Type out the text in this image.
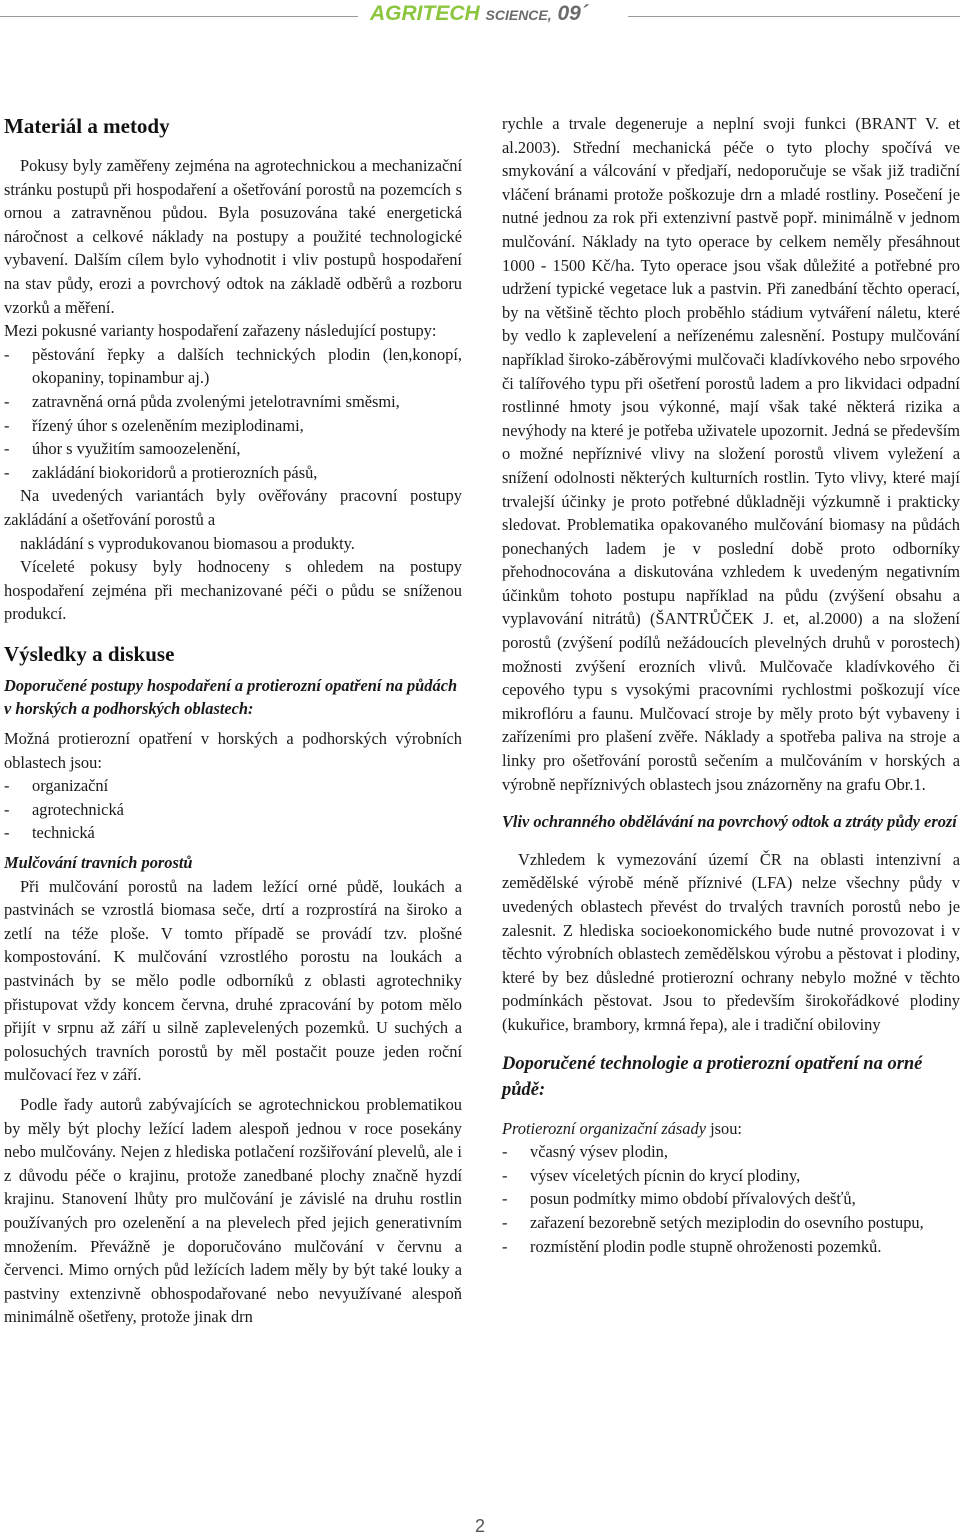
AGRITECH SCIENCE, 09´
Materiál a metody

Pokusy byly zaměřeny zejména na agrotechnickou a mechanizační stránku postupů při hospodaření a ošetřování porostů na pozemcích s ornou a zatravněnou půdou. Byla posuzována také energetická náročnost a celkové náklady na postupy a použité technologické vybavení. Dalším cílem bylo vyhodnotit i vliv postupů hospodaření na stav půdy, erozi a povrchový odtok na základě odběrů a rozboru vzorků a měření.

Mezi pokusné varianty hospodaření zařazeny následující postupy:

- pěstování řepky a dalších technických plodin (len,konopí, okopaniny, topinambur aj.)
- zatravněná orná půda zvolenými jetelotravními směsmi,
- řízený úhor s ozeleněním meziplodinami,
- úhor s využitím samoozelenění,
- zakládání biokoridorů a protierozních pásů,

Na uvedených variantách byly ověřovány pracovní postupy zakládání a ošetřování porostů a

nakládání s vyprodukovanou biomasou a produkty.

Víceleté pokusy byly hodnoceny s ohledem na postupy hospodaření zejména při mechanizované péči o půdu se sníženou produkcí.

Výsledky a diskuse
Doporučené postupy hospodaření a protierozní opatření na půdách v horských a podhorských oblastech:

Možná protierozní opatření v horských a podhorských výrobních oblastech jsou:

- organizační
- agrotechnická
- technická
Mulčování travních porostů

Při mulčování porostů na ladem ležící orné půdě, loukách a pastvinách se vzrostlá biomasa seče, drtí a rozprostírá na široko a zetlí na téže ploše. V tomto případě se provádí tzv. plošné kompostování. K mulčování vzrostlého porostu na loukách a pastvinách by se mělo podle odborníků z oblasti agrotechniky přistupovat vždy koncem června, druhé zpracování by potom mělo přijít v srpnu až září u silně zaplevelených pozemků. U suchých a polosuchých travních porostů by měl postačit pouze jeden roční mulčovací řez v září.

Podle řady autorů zabývajících se agrotechnickou problematikou by měly být plochy ležící ladem alespoň jednou v roce posekány nebo mulčovány. Nejen z hlediska potlačení rozšiřování plevelů, ale i z důvodu péče o krajinu, protože zanedbané plochy značně hyzdí krajinu. Stanovení lhůty pro mulčování je závislé na druhu rostlin používaných pro ozelenění a na plevelech před jejich generativním množením. Převážně je doporučováno mulčování v červnu a červenci. Mimo orných půd ležících ladem měly by být také louky a pastviny extenzivně obhospodařované nebo nevyužívané alespoň minimálně ošetřeny, protože jinak drn

rychle a trvale degeneruje a neplní svoji funkci (BRANT V. et al.2003). Střední mechanická péče o tyto plochy spočívá ve smykování a válcování v předjaří, nedoporučuje se však již tradiční vláčení bránami protože poškozuje drn a mladé rostliny. Posečení je nutné jednou za rok při extenzivní pastvě popř. minimálně v jednom mulčování. Náklady na tyto operace by celkem neměly přesáhnout 1000 - 1500 Kč/ha. Tyto operace jsou však důležité a potřebné pro udržení typické vegetace luk a pastvin. Při zanedbání těchto operací, by na většině těchto ploch proběhlo stádium vytváření náletu, které by vedlo k zaplevelení a neřízenému zalesnění. Postupy mulčování například široko-záběrovými mulčovači kladívkového nebo srpového či talířového typu při ošetření porostů ladem a pro likvidaci odpadní rostlinné hmoty jsou výkonné, mají však také některá rizika a nevýhody na které je potřeba uživatele upozornit. Jedná se především o možné nepříznivé vlivy na složení porostů vlivem vyležení a snížení odolnosti některých kulturních rostlin. Tyto vlivy, které mají trvalejší účinky je proto potřebné důkladněji výzkumně i prakticky sledovat. Problematika opakovaného mulčování biomasy na půdách ponechaných ladem je v poslední době proto odborníky přehodnocována a diskutována vzhledem k uvedeným negativním účinkům tohoto postupu například na půdu (zvýšení obsahu a vyplavování nitrátů) (ŠANTRŮČEK J. et, al.2000) a na složení porostů (zvýšení podílů nežádoucích plevelných druhů v porostech) možnosti zvýšení erozních vlivů. Mulčovače kladívkového či cepového typu s vysokými pracovními rychlostmi poškozují více mikroflóru a faunu. Mulčovací stroje by měly proto být vybaveny i zařízeními pro plašení zvěře. Náklady a spotřeba paliva na stroje a linky pro ošetřování porostů sečením a mulčováním v horských a výrobně nepříznivých oblastech jsou znázorněny na grafu Obr.1.

Vliv ochranného obdělávání na povrchový odtok a ztráty půdy erozí

Vzhledem k vymezování území ČR na oblasti intenzivní a zemědělské výrobě méně příznivé (LFA) nelze všechny půdy v uvedených oblastech převést do trvalých travních porostů nebo je zalesnit. Z hlediska socioekonomického bude nutné provozovat i v těchto výrobních oblastech zemědělskou výrobu a pěstovat i plodiny, které by bez důsledné protierozní ochrany nebylo možné v těchto podmínkách pěstovat. Jsou to především širokořádkové plodiny (kukuřice, brambory, krmná řepa), ale i tradiční obiloviny

Doporučené technologie a protierozní opatření na orné půdě:

Protierozní organizační zásady jsou:

- včasný výsev plodin,
- výsev víceletých pícnin do krycí plodiny,
- posun podmítky mimo období přívalových dešťů,
- zařazení bezorebně setých meziplodin do osevního postupu,
- rozmístění plodin podle stupně ohroženosti pozemků.
2
